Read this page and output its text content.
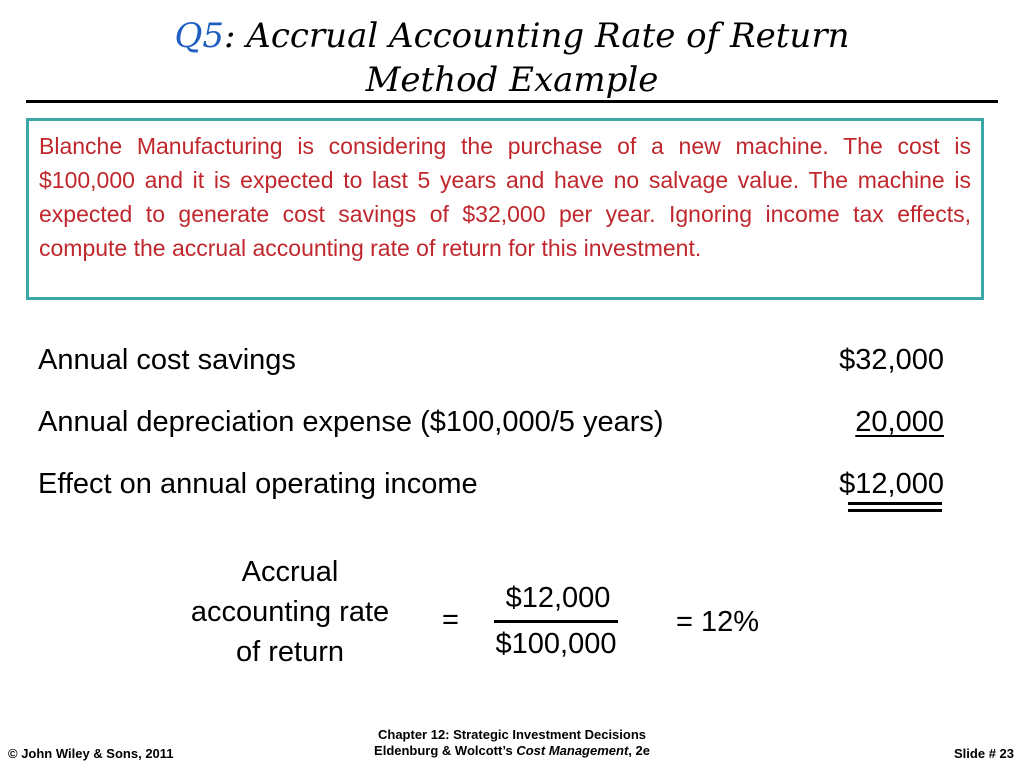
Q5: Accrual Accounting Rate of Return
Method Example
Blanche Manufacturing is considering the purchase of a new machine. The cost is $100,000 and it is expected to last 5 years and have no salvage value. The machine is expected to generate cost savings of $32,000 per year. Ignoring income tax effects, compute the accrual accounting rate of return for this investment.
Annual cost savings	$32,000
Annual depreciation expense ($100,000/5 years)	20,000
Effect on annual operating income	$12,000
Accrual
accounting rate
of return
=
$12,000
$100,000
= 12%
© John Wiley & Sons, 2011
Chapter 12: Strategic Investment Decisions
Eldenburg & Wolcott’s Cost Management, 2e	Slide # 23
